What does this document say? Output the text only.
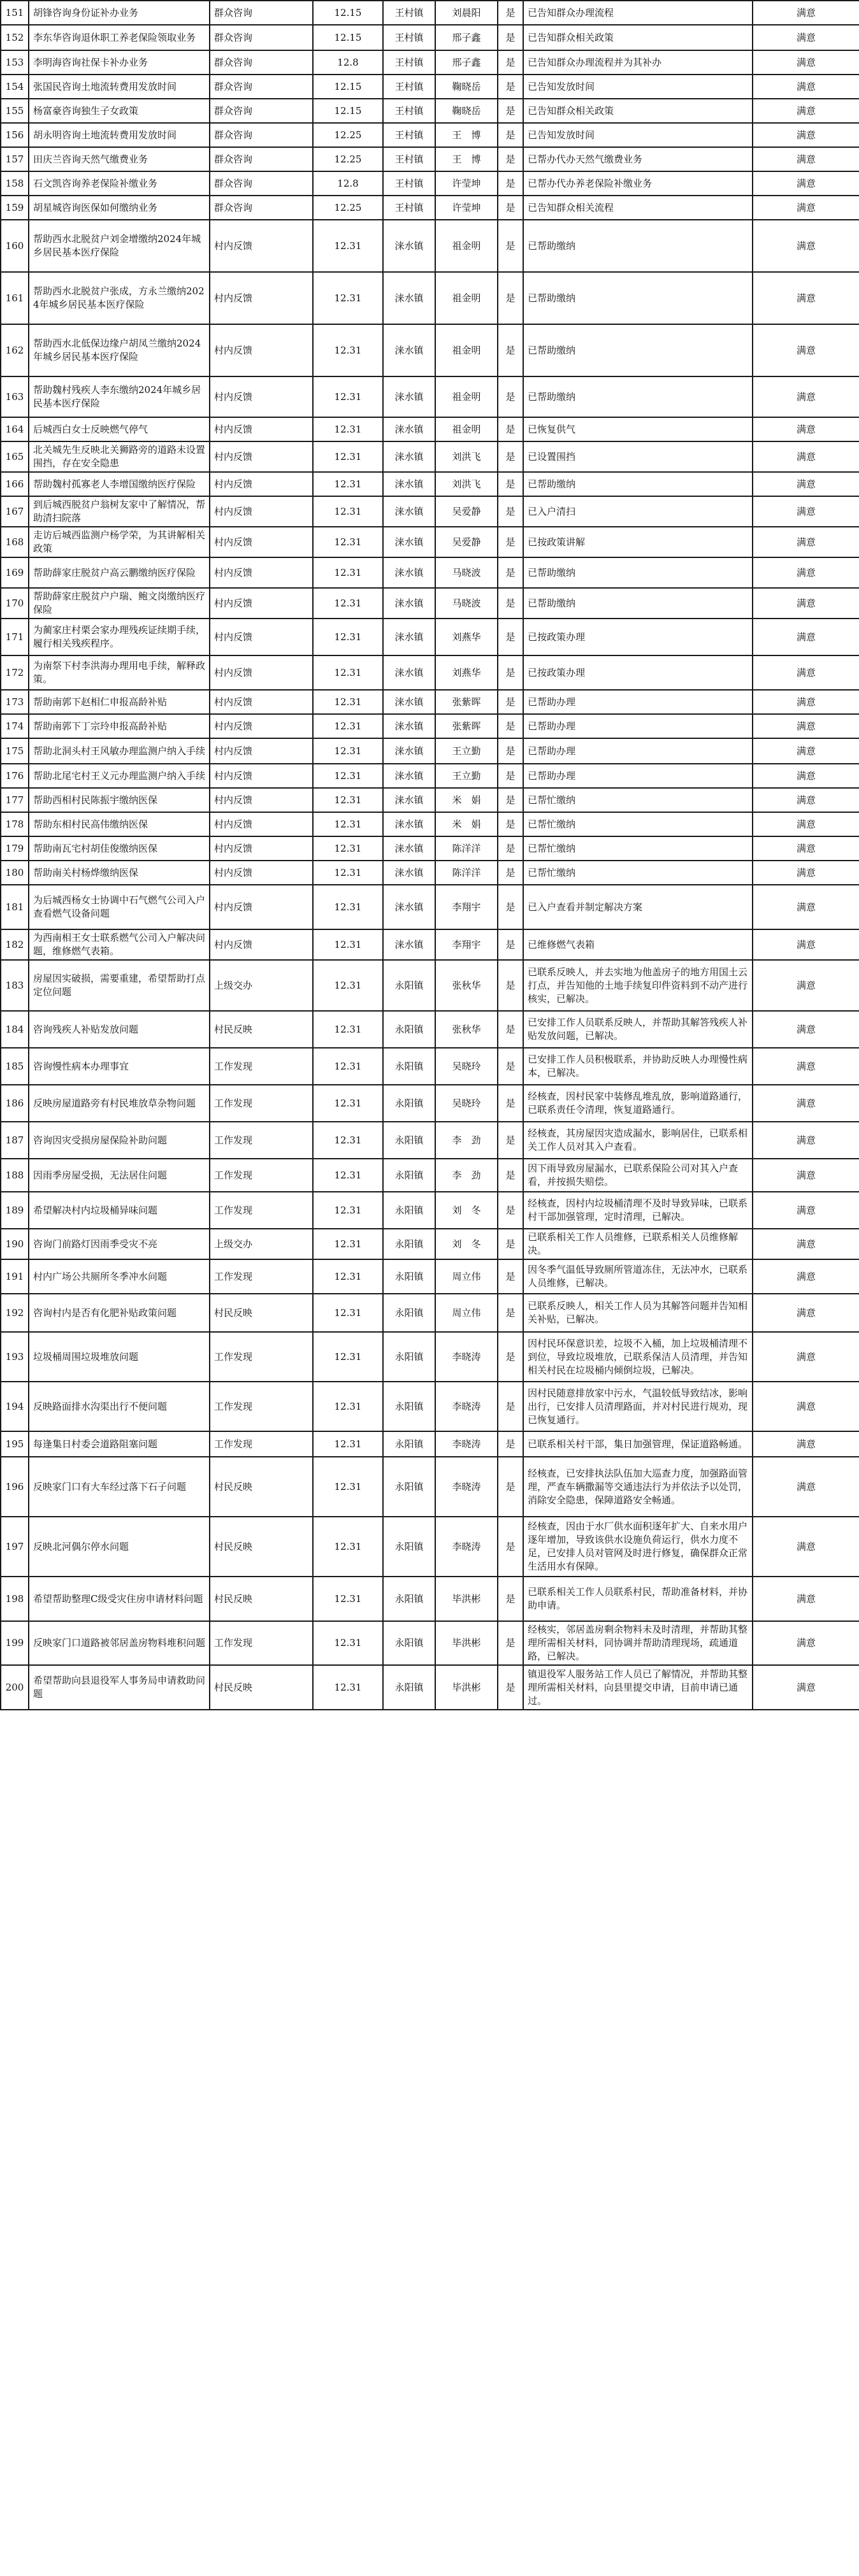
151	胡锋咨询身份证补办业务	群众咨询	12.15	王村镇	刘晨阳	是	已告知群众办理流程	满意
152	李东华咨询退休职工养老保险领取业务	群众咨询	12.15	王村镇	邢子鑫	是	已告知群众相关政策	满意
153	李明海咨询社保卡补办业务	群众咨询	12.8	王村镇	邢子鑫	是	已告知群众办理流程并为其补办	满意
154	张国民咨询土地流转费用发放时间	群众咨询	12.15	王村镇	鞠晓岳	是	已告知发放时间	满意
155	杨富豪咨询独生子女政策	群众咨询	12.15	王村镇	鞠晓岳	是	已告知群众相关政策	满意
156	胡永明咨询土地流转费用发放时间	群众咨询	12.25	王村镇	王　博	是	已告知发放时间	满意
157	田庆兰咨询天然气缴费业务	群众咨询	12.25	王村镇	王　博	是	已帮办代办天然气缴费业务	满意
158	石文凯咨询养老保险补缴业务	群众咨询	12.8	王村镇	许莹坤	是	已帮办代办养老保险补缴业务	满意
159	胡星城咨询医保如何缴纳业务	群众咨询	12.25	王村镇	许莹坤	是	已告知群众相关流程	满意
160	帮助西水北脱贫户刘金增缴纳2024年城乡居民基本医疗保险	村内反馈	12.31	涞水镇	祖金明	是	已帮助缴纳	满意
161	帮助西水北脱贫户张成，方永兰缴纳2024年城乡居民基本医疗保险	村内反馈	12.31	涞水镇	祖金明	是	已帮助缴纳	满意
162	帮助西水北低保边缘户胡凤兰缴纳2024年城乡居民基本医疗保险	村内反馈	12.31	涞水镇	祖金明	是	已帮助缴纳	满意
163	帮助魏村残疾人李东缴纳2024年城乡居民基本医疗保险	村内反馈	12.31	涞水镇	祖金明	是	已帮助缴纳	满意
164	后城西白女士反映燃气停气	村内反馈	12.31	涞水镇	祖金明	是	已恢复供气	满意
165	北关城先生反映北关狮路旁的道路未设置围挡，存在安全隐患	村内反馈	12.31	涞水镇	刘洪飞	是	已设置围挡	满意
166	帮助魏村孤寡老人李增国缴纳医疗保险	村内反馈	12.31	涞水镇	刘洪飞	是	已帮助缴纳	满意
167	到后城西脱贫户翁树友家中了解情况，帮助清扫院落	村内反馈	12.31	涞水镇	吴爱静	是	已入户清扫	满意
168	走访后城西监测户杨学荣，为其讲解相关政策	村内反馈	12.31	涞水镇	吴爱静	是	已按政策讲解	满意
169	帮助薛家庄脱贫户高云鹏缴纳医疗保险	村内反馈	12.31	涞水镇	马晓波	是	已帮助缴纳	满意
170	帮助薛家庄脱贫户户瑞、鲍文岗缴纳医疗保险	村内反馈	12.31	涞水镇	马晓波	是	已帮助缴纳	满意
171	为蔺家庄村栗会家办理残疾证续期手续，履行相关残疾程序。	村内反馈	12.31	涞水镇	刘燕华	是	已按政策办理	满意
172	为南祭下村李洪海办理用电手续，解释政策。	村内反馈	12.31	涞水镇	刘燕华	是	已按政策办理	满意
173	帮助南郭下赵相仁申报高龄补贴	村内反馈	12.31	涞水镇	张紫晖	是	已帮助办理	满意
174	帮助南郭下丁宗玲申报高龄补贴	村内反馈	12.31	涞水镇	张紫晖	是	已帮助办理	满意
175	帮助北洞头村王风敏办理监测户纳入手续	村内反馈	12.31	涞水镇	王立勤	是	已帮助办理	满意
176	帮助北尾宅村王义元办理监测户纳入手续	村内反馈	12.31	涞水镇	王立勤	是	已帮助办理	满意
177	帮助西相村民陈振宇缴纳医保	村内反馈	12.31	涞水镇	米　娟	是	已帮忙缴纳	满意
178	帮助东相村民高伟缴纳医保	村内反馈	12.31	涞水镇	米　娟	是	已帮忙缴纳	满意
179	帮助南瓦宅村胡佳俊缴纳医保	村内反馈	12.31	涞水镇	陈洋洋	是	已帮忙缴纳	满意
180	帮助南关村杨烨缴纳医保	村内反馈	12.31	涞水镇	陈洋洋	是	已帮忙缴纳	满意
181	为后城西杨女士协调中石气燃气公司入户查看燃气设备问题	村内反馈	12.31	涞水镇	李翔宇	是	已入户查看并制定解决方案	满意
182	为西南相王女士联系燃气公司入户解决问题，维修燃气表箱。	村内反馈	12.31	涞水镇	李翔宇	是	已维修燃气表箱	满意
183	房屋因实破损，需要重建，希望帮助打点定位问题	上级交办	12.31	永阳镇	张秋华	是	已联系反映人，并去实地为他盖房子的地方用国土云打点，并告知他的土地手续复印件资料到不动产进行核实，已解决。	满意
184	咨询残疾人补贴发放问题	村民反映	12.31	永阳镇	张秋华	是	已安排工作人员联系反映人，并帮助其解答残疾人补贴发放问题，已解决。	满意
185	咨询慢性病本办理事宜	工作发现	12.31	永阳镇	吴晓玲	是	已安排工作人员积极联系，并协助反映人办理慢性病本，已解决。	满意
186	反映房屋道路旁有村民堆放草杂物问题	工作发现	12.31	永阳镇	吴晓玲	是	经核查，因村民家中装修乱堆乱放，影响道路通行，已联系责任令清理，恢复道路通行。	满意
187	咨询因灾受损房屋保险补助问题	工作发现	12.31	永阳镇	李　劲	是	经核查，其房屋因灾造成漏水，影响居住，已联系相关工作人员对其入户查看。	满意
188	因雨季房屋受损，无法居住问题	工作发现	12.31	永阳镇	李　劲	是	因下雨导致房屋漏水，已联系保险公司对其入户查看，并按损失赔偿。	满意
189	希望解决村内垃圾桶异味问题	工作发现	12.31	永阳镇	刘　冬	是	经核查，因村内垃圾桶清理不及时导致异味，已联系村干部加强管理，定时清理，已解决。	满意
190	咨询门前路灯因雨季受灾不亮	上级交办	12.31	永阳镇	刘　冬	是	已联系相关工作人员维修，已联系相关人员维修解决。	满意
191	村内广场公共厕所冬季冲水问题	工作发现	12.31	永阳镇	周立伟	是	因冬季气温低导致厕所管道冻住，无法冲水，已联系人员维修，已解决。	满意
192	咨询村内是否有化肥补贴政策问题	村民反映	12.31	永阳镇	周立伟	是	已联系反映人，相关工作人员为其解答问题并告知相关补贴，已解决。	满意
193	垃圾桶周围垃圾堆放问题	工作发现	12.31	永阳镇	李晓涛	是	因村民环保意识差，垃圾不入桶，加上垃圾桶清理不到位，导致垃圾堆放，已联系保洁人员清理，并告知相关村民在垃圾桶内倾倒垃圾，已解决。	满意
194	反映路面排水沟渠出行不便问题	工作发现	12.31	永阳镇	李晓涛	是	因村民随意排放家中污水，气温较低导致结冰，影响出行，已安排人员清理路面，并对村民进行规劝，现已恢复通行。	满意
195	每逢集日村委会道路阻塞问题	工作发现	12.31	永阳镇	李晓涛	是	已联系相关村干部，集日加强管理，保证道路畅通。	满意
196	反映家门口有大车经过落下石子问题	村民反映	12.31	永阳镇	李晓涛	是	经核查，已安排执法队伍加大巡查力度，加强路面管理，严查车辆撒漏等交通违法行为并依法予以处罚，消除安全隐患，保障道路安全畅通。	满意
197	反映北河偶尔停水问题	村民反映	12.31	永阳镇	李晓涛	是	经核查，因由于水厂供水面积逐年扩大、自来水用户逐年增加，导致该供水设施负荷运行，供水力度不足，已安排人员对管网及时进行修复，确保群众正常生活用水有保障。	满意
198	希望帮助整理C级受灾住房申请材料问题	村民反映	12.31	永阳镇	毕洪彬	是	已联系相关工作人员联系村民，帮助准备材料，并协助申请。	满意
199	反映家门口道路被邻居盖房物料堆积问题	工作发现	12.31	永阳镇	毕洪彬	是	经核实，邻居盖房剩余物料未及时清理，并帮助其整理所需相关材料，同协调并帮助清理现场，疏通道路，已解决。	满意
200	希望帮助向县退役军人事务局申请救助问题	村民反映	12.31	永阳镇	毕洪彬	是	镇退役军人服务站工作人员已了解情况，并帮助其整理所需相关材料，向县里提交申请，目前申请已通过。	满意
